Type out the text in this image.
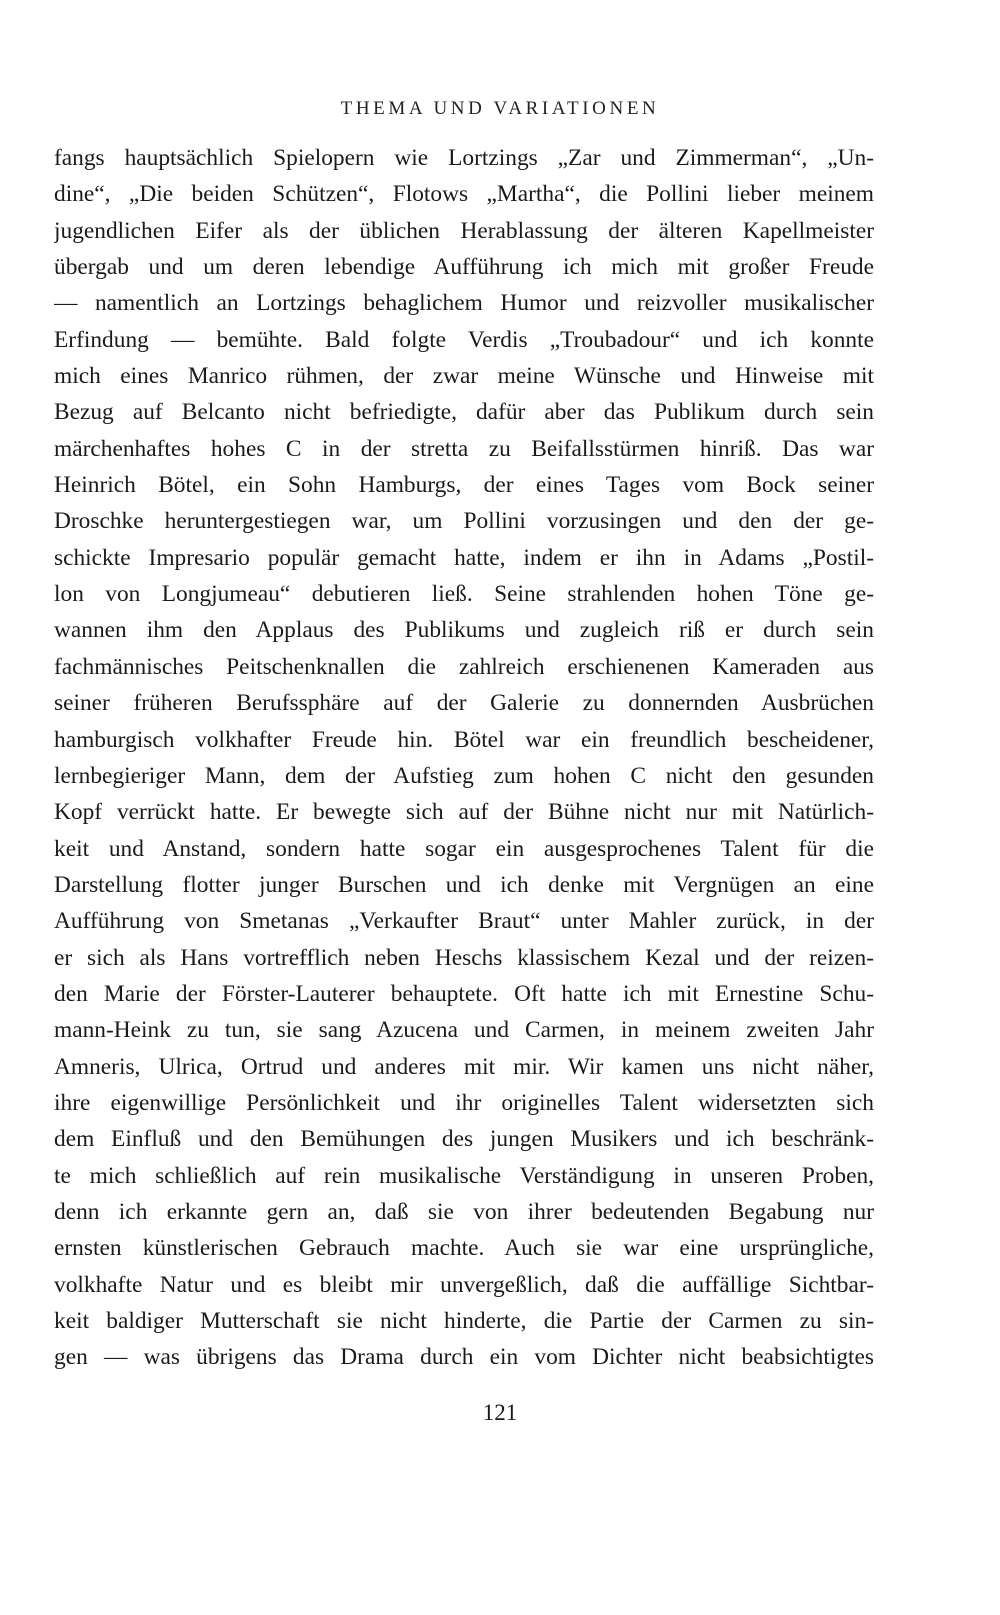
THEMA UND VARIATIONEN
fangs hauptsächlich Spielopern wie Lortzings „Zar und Zimmerman“, „Un-
dine“, „Die beiden Schützen“, Flotows „Martha“, die Pollini lieber meinem
jugendlichen Eifer als der üblichen Herablassung der älteren Kapellmeister
übergab und um deren lebendige Aufführung ich mich mit großer Freude
— namentlich an Lortzings behaglichem Humor und reizvoller musikalischer
Erfindung — bemühte. Bald folgte Verdis „Troubadour“ und ich konnte
mich eines Manrico rühmen, der zwar meine Wünsche und Hinweise mit
Bezug auf Belcanto nicht befriedigte, dafür aber das Publikum durch sein
märchenhaftes hohes C in der stretta zu Beifallsstürmen hinriß. Das war
Heinrich Bötel, ein Sohn Hamburgs, der eines Tages vom Bock seiner
Droschke heruntergestiegen war, um Pollini vorzusingen und den der ge-
schickte Impresario populär gemacht hatte, indem er ihn in Adams „Postil-
lon von Longjumeau“ debutieren ließ. Seine strahlenden hohen Töne ge-
wannen ihm den Applaus des Publikums und zugleich riß er durch sein
fachmännisches Peitschenknallen die zahlreich erschienenen Kameraden aus
seiner früheren Berufssphäre auf der Galerie zu donnernden Ausbrüchen
hamburgisch volkhafter Freude hin. Bötel war ein freundlich bescheidener,
lernbegieriger Mann, dem der Aufstieg zum hohen C nicht den gesunden
Kopf verrückt hatte. Er bewegte sich auf der Bühne nicht nur mit Natürlich-
keit und Anstand, sondern hatte sogar ein ausgesprochenes Talent für die
Darstellung flotter junger Burschen und ich denke mit Vergnügen an eine
Aufführung von Smetanas „Verkaufter Braut“ unter Mahler zurück, in der
er sich als Hans vortrefflich neben Heschs klassischem Kezal und der reizen-
den Marie der Förster-Lauterer behauptete. Oft hatte ich mit Ernestine Schu-
mann-Heink zu tun, sie sang Azucena und Carmen, in meinem zweiten Jahr
Amneris, Ulrica, Ortrud und anderes mit mir. Wir kamen uns nicht näher,
ihre eigenwillige Persönlichkeit und ihr originelles Talent widersetzten sich
dem Einfluß und den Bemühungen des jungen Musikers und ich beschränk-
te mich schließlich auf rein musikalische Verständigung in unseren Proben,
denn ich erkannte gern an, daß sie von ihrer bedeutenden Begabung nur
ernsten künstlerischen Gebrauch machte. Auch sie war eine ursprüngliche,
volkhafte Natur und es bleibt mir unvergeßlich, daß die auffällige Sichtbar-
keit baldiger Mutterschaft sie nicht hinderte, die Partie der Carmen zu sin-
gen — was übrigens das Drama durch ein vom Dichter nicht beabsichtigtes
121
